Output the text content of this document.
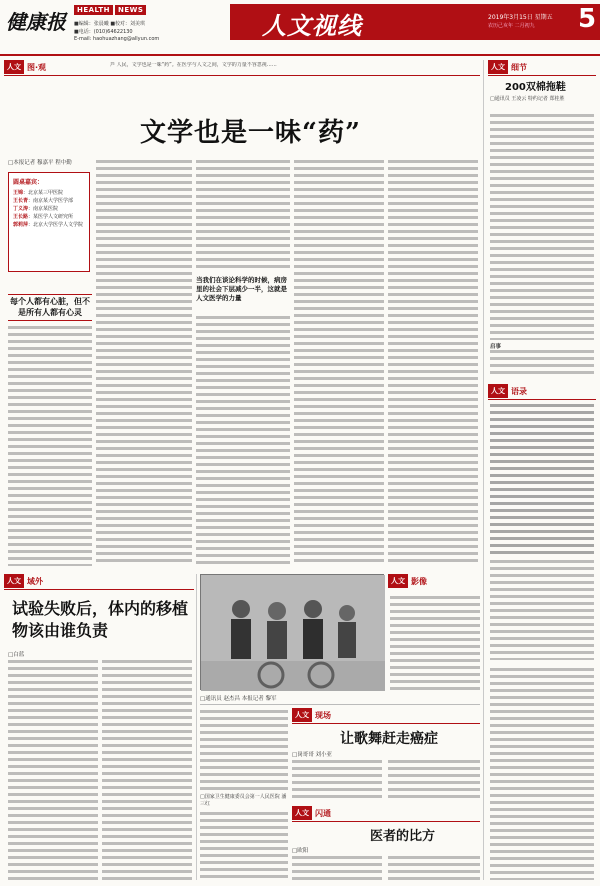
健康报	HEALTH NEWS
■编辑：张晨曦 ■校对：刘美琪
■电话：(010)64622130
E-mail: haohuazhang@allyun.com	人文视线	2019年3月15日 星期五
农历己亥年 二月初九 5
人文 图·观	芦 人民，文学也是一味“药”。在医学与人文之间，文学的力量不容忽视……
文学也是一味“药”
□本报记者 穆嘉平 程中勤
圆桌嘉宾：
王锦：北京某三甲医院
王长青：南京某大学医学部
丁义涛：南京某医院
王长路：某医学人文研究所
郭莉萍：北京大学医学人文学院
每个人都有心脏，但不是所有人都有心灵
当我们在谈论科学的时候，病房里的社会下层减少一半，这就是人文医学的力量
人文 细节
200双棉拖鞋
□通讯员 王凌云 特约记者 郑桂胜
启事
人文 语录
人文 域外
试验失败后，体内的移植物该由谁负责
□白蓝
人文 影像
□通讯员 赵杰昌 本报记者 黎军
□国家卫生健康委员会第一人民医院 潘三红
人文 现场
让歌舞赶走癌症
□岗哥哥 刘小亚
人文 闪通
医者的比方
□欧阳
